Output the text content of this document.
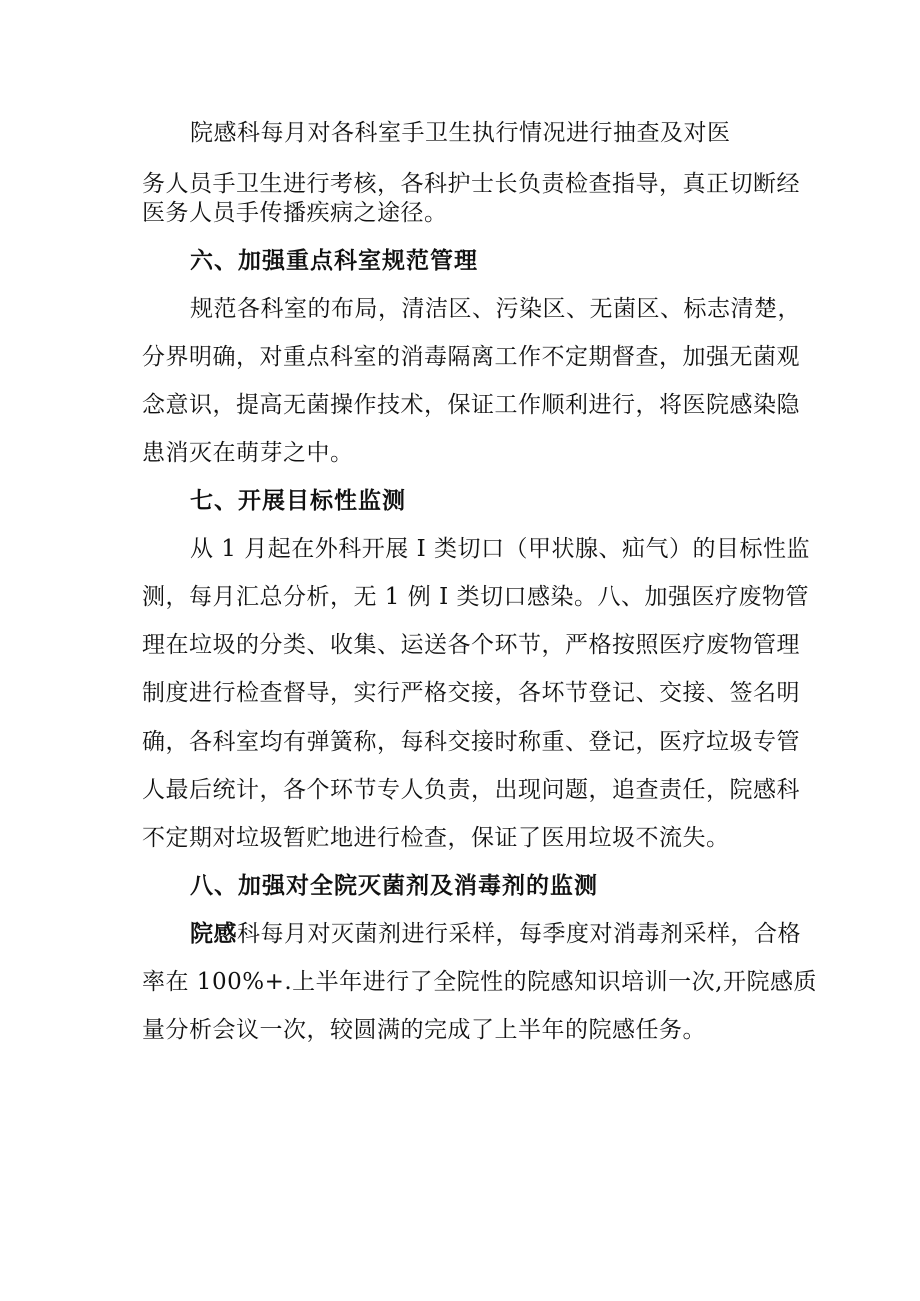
院感科每月对各科室手卫生执行情况进行抽查及对医
务人员手卫生进行考核，各科护士长负责检查指导，真正切断经
医务人员手传播疾病之途径。
六、加强重点科室规范管理
规范各科室的布局，清洁区、污染区、无菌区、标志清楚，
分界明确，对重点科室的消毒隔离工作不定期督查，加强无菌观
念意识，提高无菌操作技术，保证工作顺利进行，将医院感染隐
患消灭在萌芽之中。
七、开展目标性监测
从 1 月起在外科开展 I 类切口（甲状腺、疝气）的目标性监
测，每月汇总分析，无 1 例 I 类切口感染。八、加强医疗废物管
理在垃圾的分类、收集、运送各个环节，严格按照医疗废物管理
制度进行检查督导，实行严格交接，各坏节登记、交接、签名明
确，各科室均有弹簧称，每科交接时称重、登记，医疗垃圾专管
人最后统计，各个环节专人负责，出现问题，追查责任，院感科
不定期对垃圾暂贮地进行检查，保证了医用垃圾不流失。
八、加强对全院灭菌剂及消毒剂的监测
院感科每月对灭菌剂进行采样，每季度对消毒剂采样，合格
率在 100%+.上半年进行了全院性的院感知识培训一次,开院感质
量分析会议一次，较圆满的完成了上半年的院感任务。
